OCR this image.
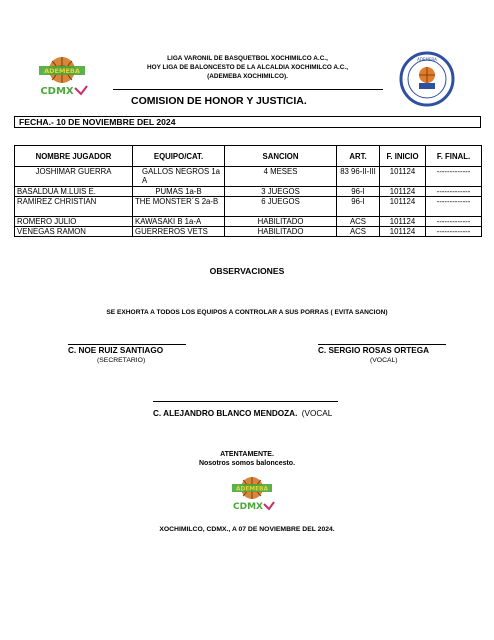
ADEMEBA
CDMX
ADEMEBA
LIGA VARONIL DE BASQUETBOL XOCHIMILCO A.C.,
HOY LIGA DE BALONCESTO DE LA ALCALDIA XOCHIMILCO A.C.,
(ADEMEBA XOCHIMILCO).
COMISION DE HONOR Y JUSTICIA.
FECHA.- 10 DE NOVIEMBRE DEL 2024
NOMBRE JUGADOR	EQUIPO/CAT.	SANCION	ART.	F. INICIO	F. FINAL.
JOSHIMAR GUERRA	GALLOS NEGROS 1a A	4 MESES	83 96-II-III	101124	-------------
BASALDUA M.LUIS E.	PUMAS 1a-B	3 JUEGOS	96-I	101124	-------------
RAMIREZ CHRISTIAN	THE MONSTER´S 2a-B	6 JUEGOS	96-I	101124	-------------
ROMERO JULIO	KAWASAKI B 1a-A	HABILITADO	ACS	101124	-------------
VENEGAS RAMON	GUERREROS VETS	HABILITADO	ACS	101124	-------------
OBSERVACIONES
SE EXHORTA A TODOS LOS EQUIPOS A CONTROLAR A SUS PORRAS ( EVITA SANCION)
C. NOE RUIZ SANTIAGO
(SECRETARIO)
C. SERGIO ROSAS ORTEGA
(VOCAL)
C. ALEJANDRO BLANCO MENDOZA. (VOCAL
ATENTAMENTE.
Nosotros somos baloncesto.
ADEMEBA
CDMX
XOCHIMILCO, CDMX., A 07 DE NOVIEMBRE DEL 2024.
